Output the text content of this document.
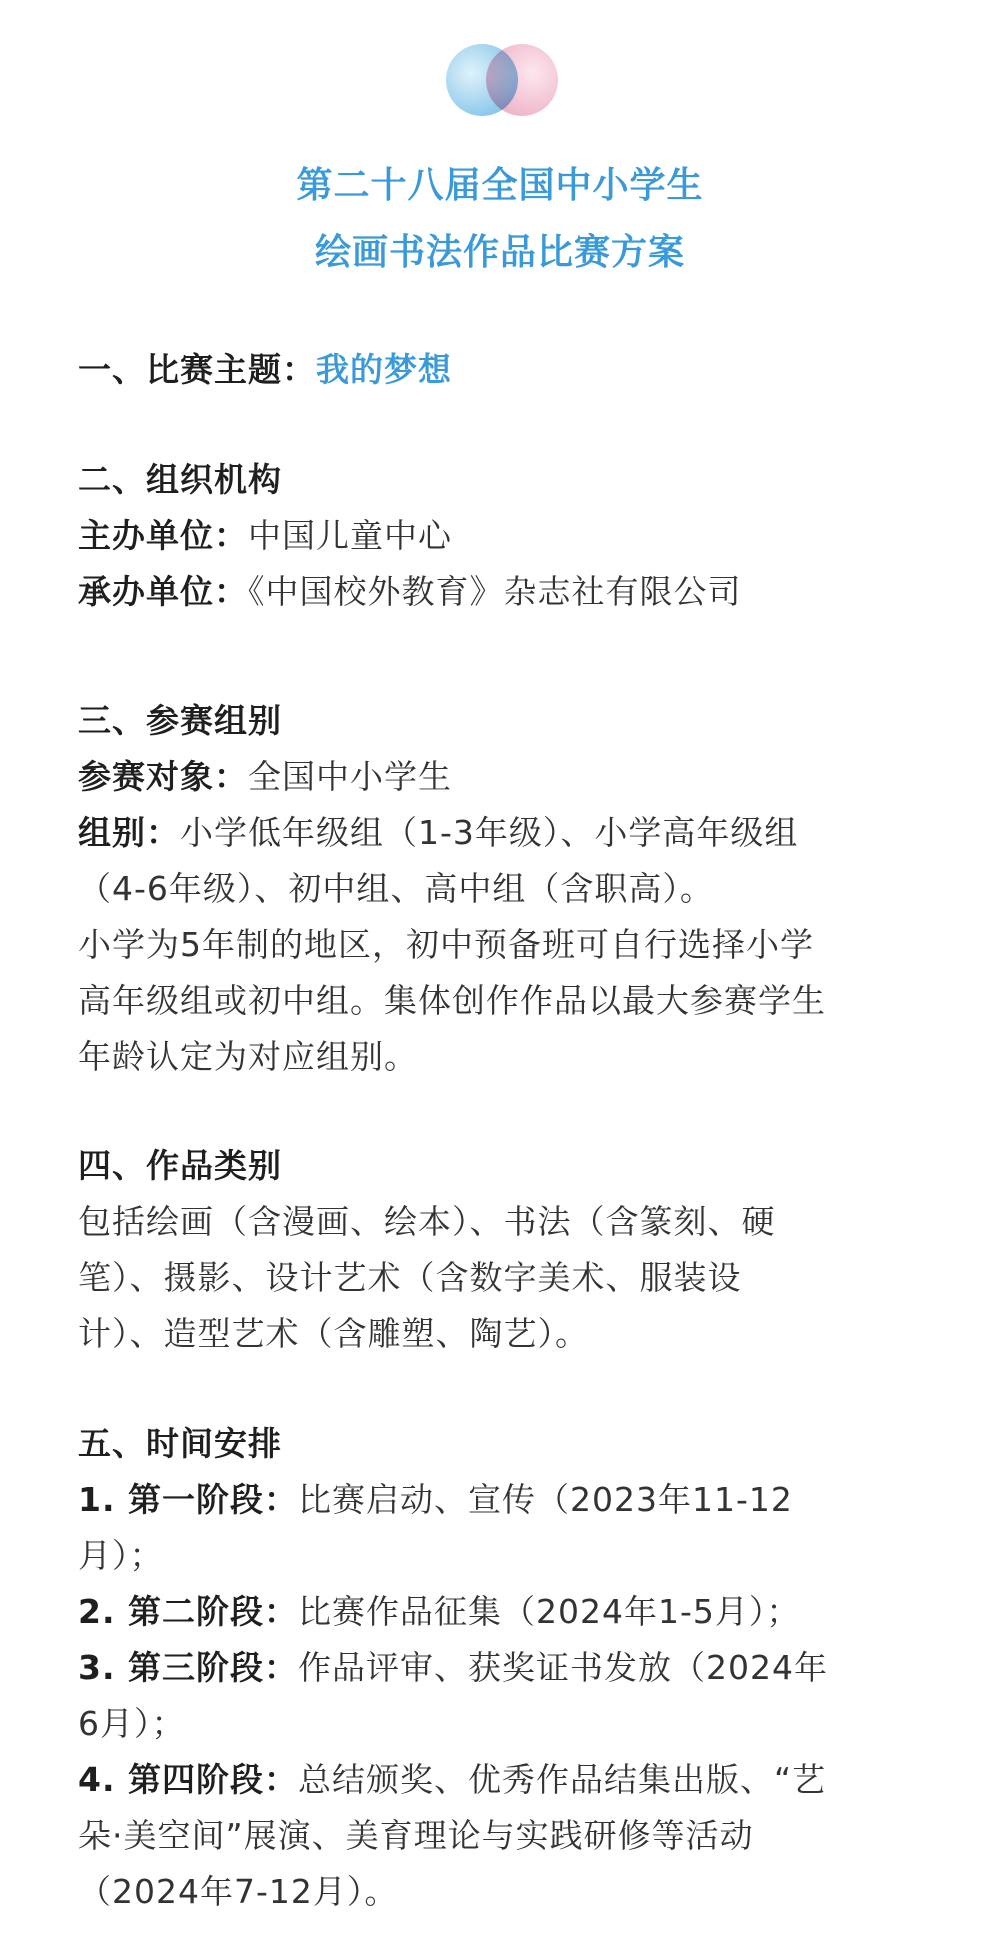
第二十八届全国中小学生
绘画书法作品比赛方案
一、比赛主题：我的梦想
二、组织机构
主办单位：中国儿童中心
承办单位：《中国校外教育》杂志社有限公司
三、参赛组别
参赛对象：全国中小学生
组别：小学低年级组（1-3年级）、小学高年级组
（4-6年级）、初中组、高中组（含职高）。
小学为5年制的地区，初中预备班可自行选择小学
高年级组或初中组。集体创作作品以最大参赛学生
年龄认定为对应组别。
四、作品类别
包括绘画（含漫画、绘本）、书法（含篆刻、硬
笔）、摄影、设计艺术（含数字美术、服装设
计）、造型艺术（含雕塑、陶艺）。
五、时间安排
1. 第一阶段：比赛启动、宣传（2023年11-12
月）；
2. 第二阶段：比赛作品征集（2024年1-5月）；
3. 第三阶段：作品评审、获奖证书发放（2024年
6月）；
4. 第四阶段：总结颁奖、优秀作品结集出版、“艺
朵·美空间”展演、美育理论与实践研修等活动
（2024年7-12月）。
